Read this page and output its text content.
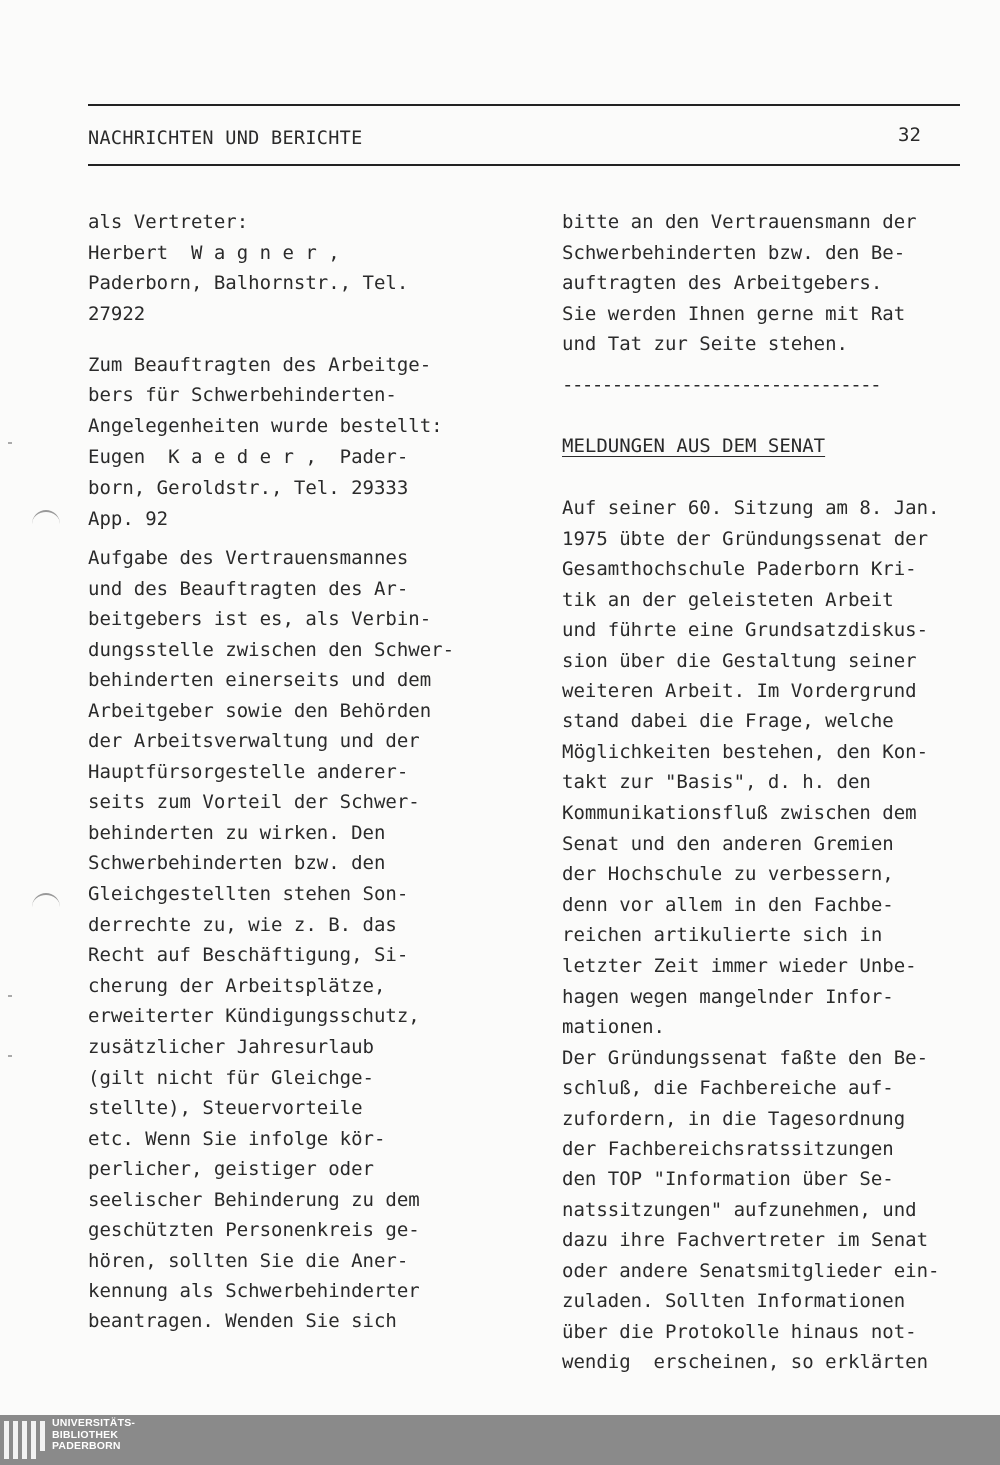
NACHRICHTEN UND BERICHTE	32
als Vertreter:
Herbert  W a g n e r ,
Paderborn, Balhornstr., Tel.
27922
Zum Beauftragten des Arbeitge-
bers für Schwerbehinderten-
Angelegenheiten wurde bestellt:
Eugen  K a e d e r ,  Pader-
born, Geroldstr., Tel. 29333
App. 92
Aufgabe des Vertrauensmannes
und des Beauftragten des Ar-
beitgebers ist es, als Verbin-
dungsstelle zwischen den Schwer-
behinderten einerseits und dem
Arbeitgeber sowie den Behörden
der Arbeitsverwaltung und der
Hauptfürsorgestelle anderer-
seits zum Vorteil der Schwer-
behinderten zu wirken. Den
Schwerbehinderten bzw. den
Gleichgestellten stehen Son-
derrechte zu, wie z. B. das
Recht auf Beschäftigung, Si-
cherung der Arbeitsplätze,
erweiterter Kündigungsschutz,
zusätzlicher Jahresurlaub
(gilt nicht für Gleichge-
stellte), Steuervorteile
etc. Wenn Sie infolge kör-
perlicher, geistiger oder
seelischer Behinderung zu dem
geschützten Personenkreis ge-
hören, sollten Sie die Aner-
kennung als Schwerbehinderter
beantragen. Wenden Sie sich
bitte an den Vertrauensmann der
Schwerbehinderten bzw. den Be-
auftragten des Arbeitgebers.
Sie werden Ihnen gerne mit Rat
und Tat zur Seite stehen.
--------------------------------
MELDUNGEN AUS DEM SENAT
Auf seiner 60. Sitzung am 8. Jan.
1975 übte der Gründungssenat der
Gesamthochschule Paderborn Kri-
tik an der geleisteten Arbeit
und führte eine Grundsatzdiskus-
sion über die Gestaltung seiner
weiteren Arbeit. Im Vordergrund
stand dabei die Frage, welche
Möglichkeiten bestehen, den Kon-
takt zur "Basis", d. h. den
Kommunikationsfluß zwischen dem
Senat und den anderen Gremien
der Hochschule zu verbessern,
denn vor allem in den Fachbe-
reichen artikulierte sich in
letzter Zeit immer wieder Unbe-
hagen wegen mangelnder Infor-
mationen.
Der Gründungssenat faßte den Be-
schluß, die Fachbereiche auf-
zufordern, in die Tagesordnung
der Fachbereichsratssitzungen
den TOP "Information über Se-
natssitzungen" aufzunehmen, und
dazu ihre Fachvertreter im Senat
oder andere Senatsmitglieder ein-
zuladen. Sollten Informationen
über die Protokolle hinaus not-
wendig  erscheinen, so erklärten
UNIVERSITÄTS-
BIBLIOTHEK
PADERBORN
